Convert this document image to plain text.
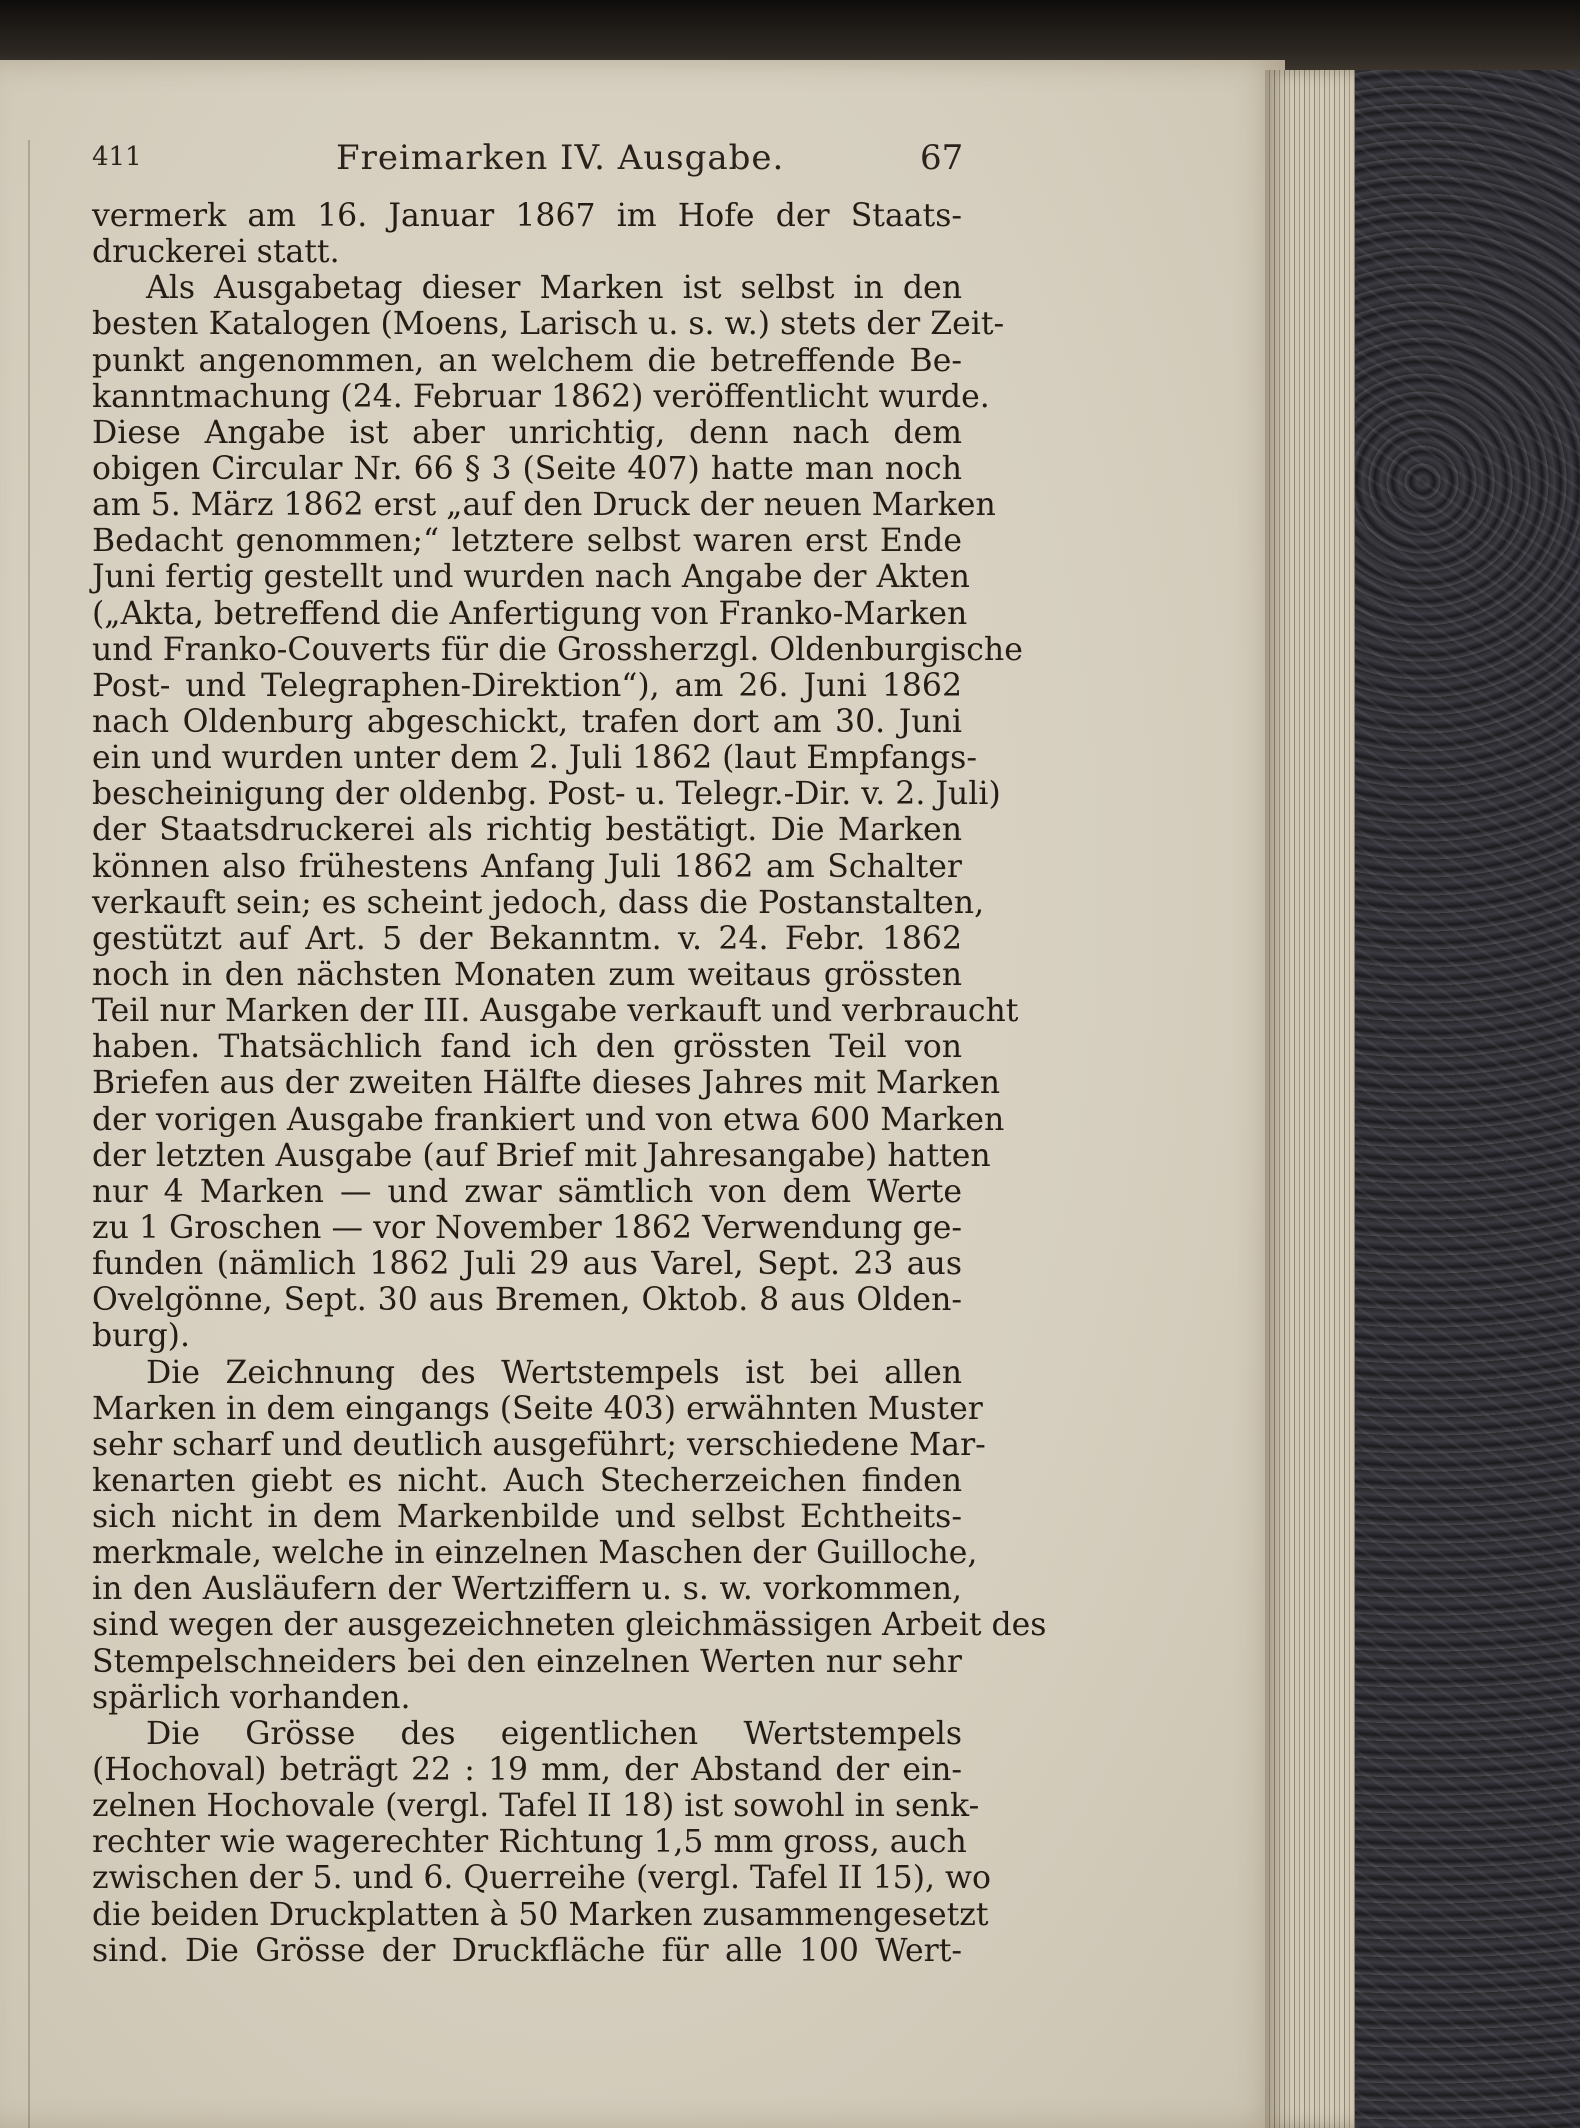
411	Freimarken IV. Ausgabe.	67
vermerk am 16. Januar 1867 im Hofe der Staats-
druckerei statt.
Als Ausgabetag dieser Marken ist selbst in den
besten Katalogen (Moens, Larisch u. s. w.) stets der Zeit-
punkt angenommen, an welchem die betreffende Be-
kanntmachung (24. Februar 1862) veröffentlicht wurde.
Diese Angabe ist aber unrichtig, denn nach dem
obigen Circular Nr. 66 § 3 (Seite 407) hatte man noch
am 5. März 1862 erst „auf den Druck der neuen Marken
Bedacht genommen;“ letztere selbst waren erst Ende
Juni fertig gestellt und wurden nach Angabe der Akten
(„Akta, betreffend die Anfertigung von Franko-Marken
und Franko-Couverts für die Grossherzgl. Oldenburgische
Post- und Telegraphen-Direktion“), am 26. Juni 1862
nach Oldenburg abgeschickt, trafen dort am 30. Juni
ein und wurden unter dem 2. Juli 1862 (laut Empfangs-
bescheinigung der oldenbg. Post- u. Telegr.-Dir. v. 2. Juli)
der Staatsdruckerei als richtig bestätigt. Die Marken
können also frühestens Anfang Juli 1862 am Schalter
verkauft sein; es scheint jedoch, dass die Postanstalten,
gestützt auf Art. 5 der Bekanntm. v. 24. Febr. 1862
noch in den nächsten Monaten zum weitaus grössten
Teil nur Marken der III. Ausgabe verkauft und verbraucht
haben. Thatsächlich fand ich den grössten Teil von
Briefen aus der zweiten Hälfte dieses Jahres mit Marken
der vorigen Ausgabe frankiert und von etwa 600 Marken
der letzten Ausgabe (auf Brief mit Jahresangabe) hatten
nur 4 Marken — und zwar sämtlich von dem Werte
zu 1 Groschen — vor November 1862 Verwendung ge-
funden (nämlich 1862 Juli 29 aus Varel, Sept. 23 aus
Ovelgönne, Sept. 30 aus Bremen, Oktob. 8 aus Olden-
burg).
Die Zeichnung des Wertstempels ist bei allen
Marken in dem eingangs (Seite 403) erwähnten Muster
sehr scharf und deutlich ausgeführt; verschiedene Mar-
kenarten giebt es nicht. Auch Stecherzeichen finden
sich nicht in dem Markenbilde und selbst Echtheits-
merkmale, welche in einzelnen Maschen der Guilloche,
in den Ausläufern der Wertziffern u. s. w. vorkommen,
sind wegen der ausgezeichneten gleichmässigen Arbeit des
Stempelschneiders bei den einzelnen Werten nur sehr
spärlich vorhanden.
Die Grösse des eigentlichen Wertstempels
(Hochoval) beträgt 22 : 19 mm, der Abstand der ein-
zelnen Hochovale (vergl. Tafel II 18) ist sowohl in senk-
rechter wie wagerechter Richtung 1,5 mm gross, auch
zwischen der 5. und 6. Querreihe (vergl. Tafel II 15), wo
die beiden Druckplatten à 50 Marken zusammengesetzt
sind. Die Grösse der Druckfläche für alle 100 Wert-
